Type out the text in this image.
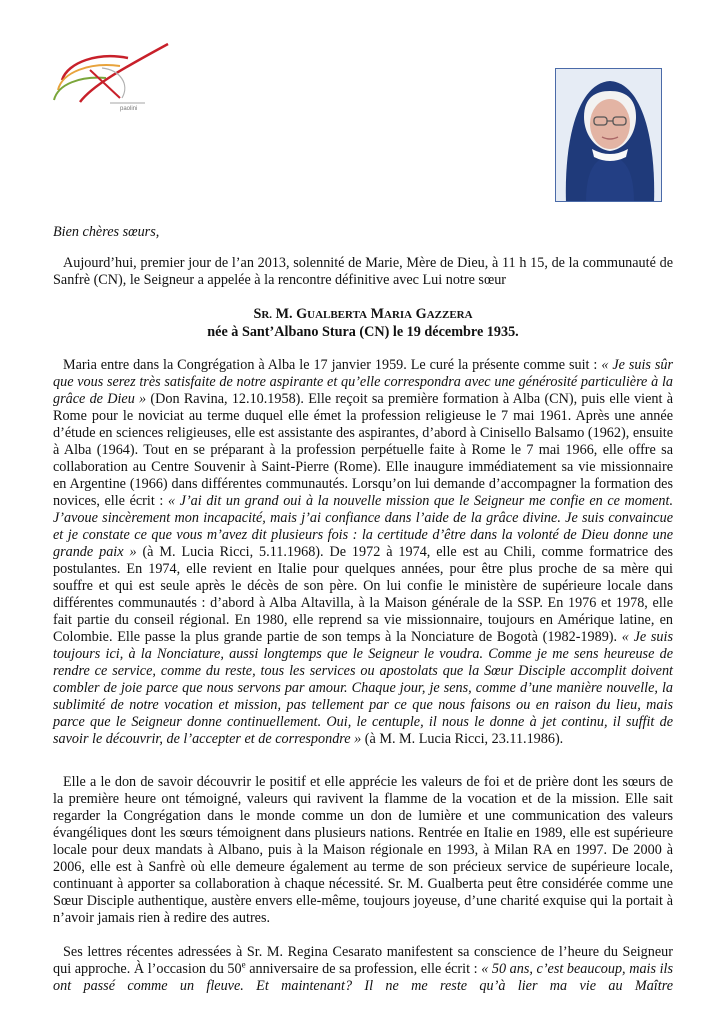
paolini

Bien chères sœurs,

Aujourd’hui, premier jour de l’an 2013, solennité de Marie, Mère de Dieu, à 11 h 15, de la communauté de Sanfrè (CN), le Seigneur a appelée à la rencontre définitive avec Lui notre sœur

SR. M. GUALBERTA MARIA GAZZERA
née à Sant’Albano Stura (CN) le 19 décembre 1935.

Maria entre dans la Congrégation à Alba le 17 janvier 1959. Le curé la présente comme suit : « Je suis sûr que vous serez très satisfaite de notre aspirante et qu’elle correspondra avec une générosité particulière à la grâce de Dieu » (Don Ravina, 12.10.1958). Elle reçoit sa première formation à Alba (CN), puis elle vient à Rome pour le noviciat au terme duquel elle émet la profession religieuse le 7 mai 1961. Après une année d’étude en sciences religieuses, elle est assistante des aspirantes, d’abord à Cinisello Balsamo (1962), ensuite à Alba (1964). Tout en se préparant à la profession perpétuelle faite à Rome le 7 mai 1966, elle offre sa collaboration au Centre Souvenir à Saint-Pierre (Rome). Elle inaugure immédiatement sa vie missionnaire en Argentine (1966) dans différentes communautés. Lorsqu’on lui demande d’accompagner la formation des novices, elle écrit : « J’ai dit un grand oui à la nouvelle mission que le Seigneur me confie en ce moment. J’avoue sincèrement mon incapacité, mais j’ai confiance dans l’aide de la grâce divine. Je suis convaincue et je constate ce que vous m’avez dit plusieurs fois : la certitude d’être dans la volonté de Dieu donne une grande paix » (à M. Lucia Ricci, 5.11.1968). De 1972 à 1974, elle est au Chili, comme formatrice des postulantes. En 1974, elle revient en Italie pour quelques années, pour être plus proche de sa mère qui souffre et qui est seule après le décès de son père. On lui confie le ministère de supérieure locale dans différentes communautés : d’abord à Alba Altavilla, à la Maison générale de la SSP. En 1976 et 1978, elle fait partie du conseil régional. En 1980, elle reprend sa vie missionnaire, toujours en Amérique latine, en Colombie. Elle passe la plus grande partie de son temps à la Nonciature de Bogotà (1982-1989). « Je suis toujours ici, à la Nonciature, aussi longtemps que le Seigneur le voudra. Comme je me sens heureuse de rendre ce service, comme du reste, tous les services ou apostolats que la Sœur Disciple accomplit doivent combler de joie parce que nous servons par amour. Chaque jour, je sens, comme d’une manière nouvelle, la sublimité de notre vocation et mission, pas tellement par ce que nous faisons ou en raison du lieu, mais parce que le Seigneur donne continuellement. Oui, le centuple, il nous le donne à jet continu, il suffit de savoir le découvrir, de l’accepter et de correspondre » (à M. M. Lucia Ricci, 23.11.1986).

Elle a le don de savoir découvrir le positif et elle apprécie les valeurs de foi et de prière dont les sœurs de la première heure ont témoigné, valeurs qui ravivent la flamme de la vocation et de la mission. Elle sait regarder la Congrégation dans le monde comme un don de lumière et une communication des valeurs évangéliques dont les sœurs témoignent dans plusieurs nations. Rentrée en Italie en 1989, elle est supérieure locale pour deux mandats à Albano, puis à la Maison régionale en 1993, à Milan RA en 1997. De 2000 à 2006, elle est à Sanfrè où elle demeure également au terme de son précieux service de supérieure locale, continuant à apporter sa collaboration à chaque nécessité. Sr. M. Gualberta peut être considérée comme une Sœur Disciple authentique, austère envers elle-même, toujours joyeuse, d’une charité exquise qui la portait à n’avoir jamais rien à redire des autres.

Ses lettres récentes adressées à Sr. M. Regina Cesarato manifestent sa conscience de l’heure du Seigneur qui approche. À l’occasion du 50e anniversaire de sa profession, elle écrit : « 50 ans, c’est beaucoup, mais ils ont passé comme un fleuve. Et maintenant? Il ne me reste qu’à lier ma vie au Maître
